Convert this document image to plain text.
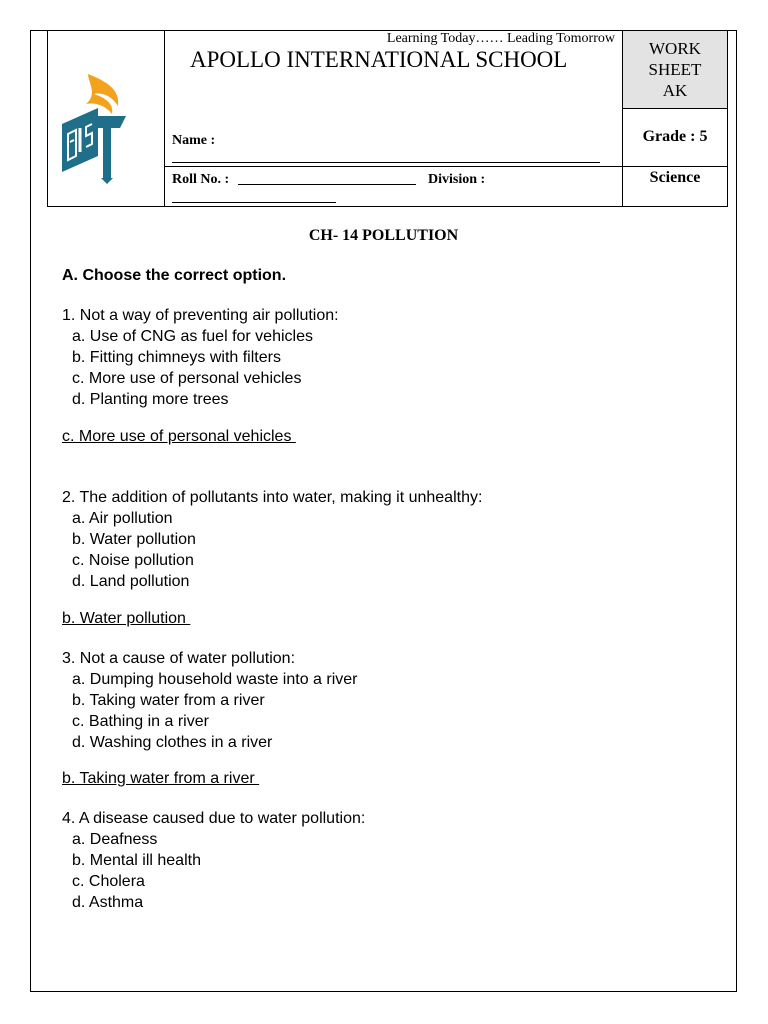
AIS
Learning Today…… Leading Tomorrow
APOLLO INTERNATIONAL SCHOOL	WORK
SHEET
AK
Name :	Grade : 5
Roll No. :	Division :	Science
CH- 14 POLLUTION
A. Choose the correct option.
1. Not a way of preventing air pollution:
a. Use of CNG as fuel for vehicles
b. Fitting chimneys with filters
c. More use of personal vehicles
d. Planting more trees
c. More use of personal vehicles
2. The addition of pollutants into water, making it unhealthy:
a. Air pollution
b. Water pollution
c. Noise pollution
d. Land pollution
b. Water pollution
3. Not a cause of water pollution:
a. Dumping household waste into a river
b. Taking water from a river
c. Bathing in a river
d. Washing clothes in a river
b. Taking water from a river
4. A disease caused due to water pollution:
a. Deafness
b. Mental ill health
c. Cholera
d. Asthma
